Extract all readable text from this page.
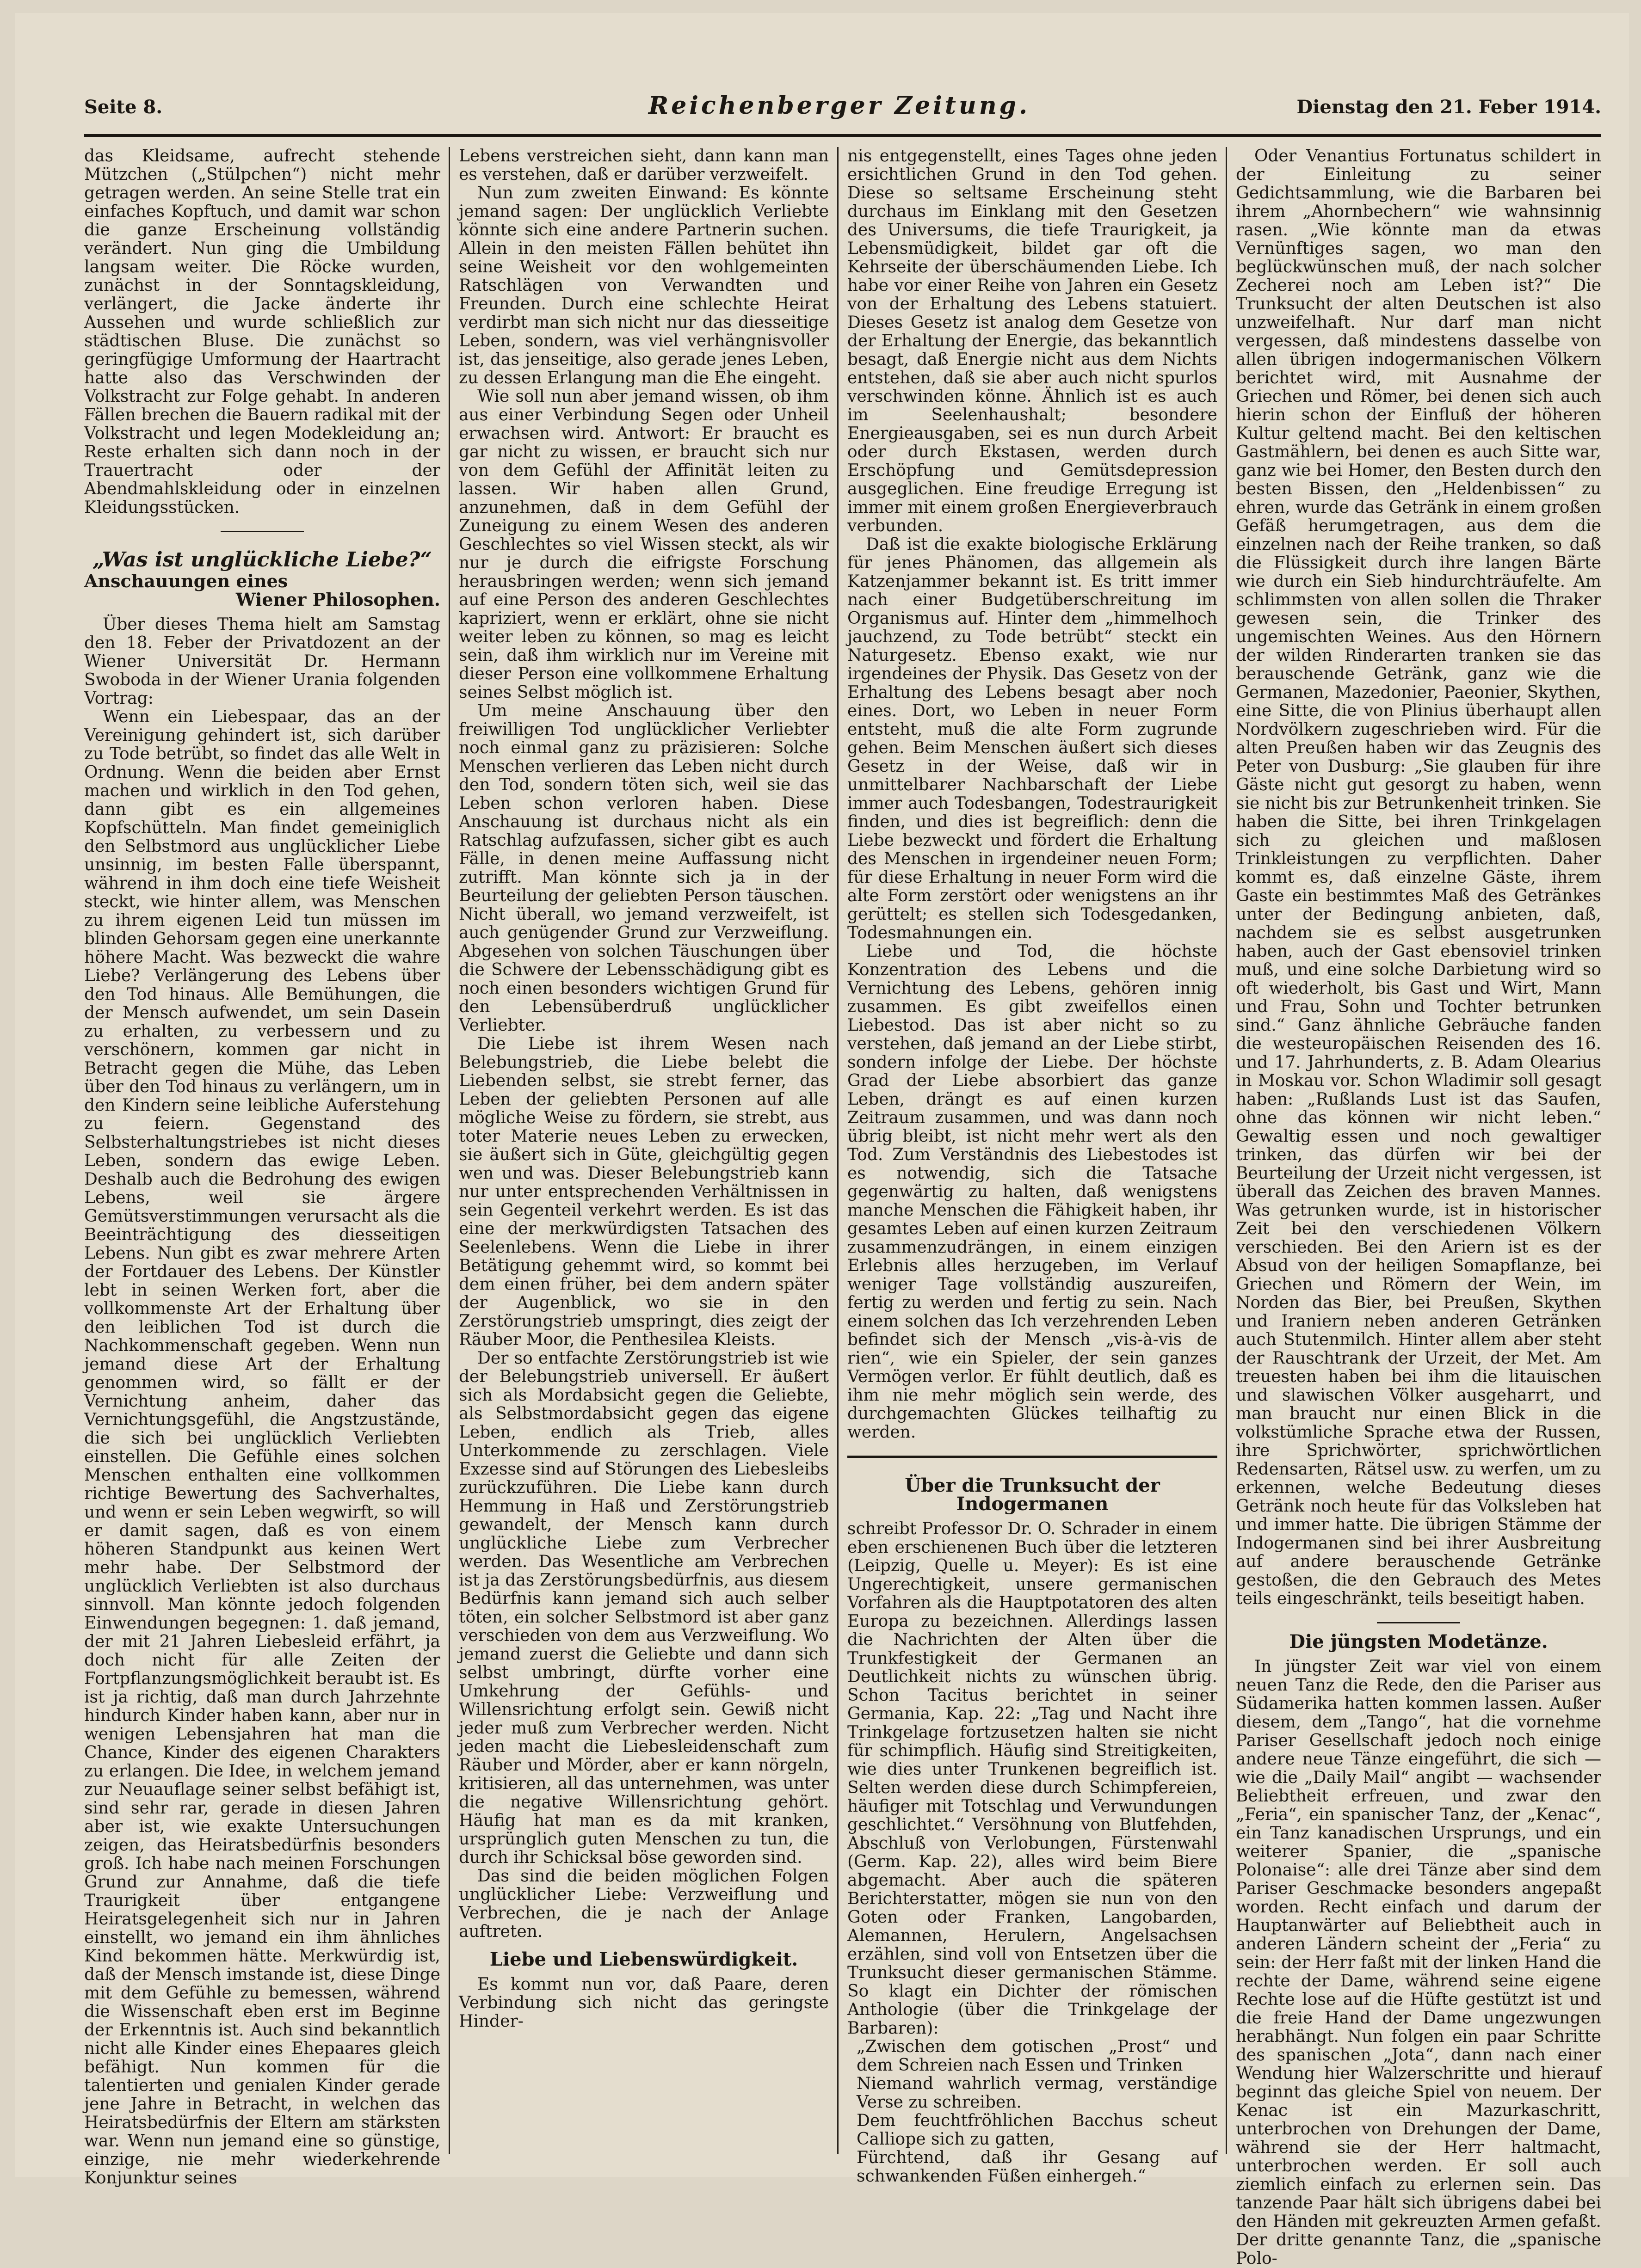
Seite 8.	Reichenberger Zeitung.	Dienstag den 21. Feber 1914.

das Kleidsame, aufrecht stehende Mützchen („Stülpchen“) nicht mehr getragen werden. An seine Stelle trat ein einfaches Kopftuch, und damit war schon die ganze Erscheinung vollständig verändert. Nun ging die Umbildung langsam weiter. Die Röcke wurden, zunächst in der Sonntagskleidung, verlängert, die Jacke änderte ihr Aussehen und wurde schließlich zur städtischen Bluse. Die zunächst so geringfügige Umformung der Haartracht hatte also das Verschwinden der Volkstracht zur Folge gehabt. In anderen Fällen brechen die Bauern radikal mit der Volkstracht und legen Modekleidung an; Reste erhalten sich dann noch in der Trauertracht oder der Abendmahlskleidung oder in einzelnen Kleidungsstücken.

„Was ist unglückliche Liebe?“

Anschauungen eines

Wiener Philosophen.

Über dieses Thema hielt am Samstag den 18. Feber der Privatdozent an der Wiener Universität Dr. Hermann Swoboda in der Wiener Urania folgenden Vortrag:

Wenn ein Liebespaar, das an der Vereinigung gehindert ist, sich darüber zu Tode betrübt, so findet das alle Welt in Ordnung. Wenn die beiden aber Ernst machen und wirklich in den Tod gehen, dann gibt es ein allgemeines Kopfschütteln. Man findet gemeiniglich den Selbstmord aus unglücklicher Liebe unsinnig, im besten Falle überspannt, während in ihm doch eine tiefe Weisheit steckt, wie hinter allem, was Menschen zu ihrem eigenen Leid tun müssen im blinden Gehorsam gegen eine unerkannte höhere Macht. Was bezweckt die wahre Liebe? Verlängerung des Lebens über den Tod hinaus. Alle Bemühungen, die der Mensch aufwendet, um sein Dasein zu erhalten, zu verbessern und zu verschönern, kommen gar nicht in Betracht gegen die Mühe, das Leben über den Tod hinaus zu verlängern, um in den Kindern seine leibliche Auferstehung zu feiern. Gegenstand des Selbsterhaltungstriebes ist nicht dieses Leben, sondern das ewige Leben. Deshalb auch die Bedrohung des ewigen Lebens, weil sie ärgere Gemütsverstimmungen verursacht als die Beeinträchtigung des diesseitigen Lebens. Nun gibt es zwar mehrere Arten der Fortdauer des Lebens. Der Künstler lebt in seinen Werken fort, aber die vollkommenste Art der Erhaltung über den leiblichen Tod ist durch die Nachkommenschaft gegeben. Wenn nun jemand diese Art der Erhaltung genommen wird, so fällt er der Vernichtung anheim, daher das Vernichtungsgefühl, die Angstzustände, die sich bei unglücklich Verliebten einstellen. Die Gefühle eines solchen Menschen enthalten eine vollkommen richtige Bewertung des Sachverhaltes, und wenn er sein Leben wegwirft, so will er damit sagen, daß es von einem höheren Standpunkt aus keinen Wert mehr habe. Der Selbstmord der unglücklich Verliebten ist also durchaus sinnvoll. Man könnte jedoch folgenden Einwendungen begegnen: 1. daß jemand, der mit 21 Jahren Liebesleid erfährt, ja doch nicht für alle Zeiten der Fortpflanzungsmöglichkeit beraubt ist. Es ist ja richtig, daß man durch Jahrzehnte hindurch Kinder haben kann, aber nur in wenigen Lebensjahren hat man die Chance, Kinder des eigenen Charakters zu erlangen. Die Idee, in welchem jemand zur Neuauflage seiner selbst befähigt ist, sind sehr rar, gerade in diesen Jahren aber ist, wie exakte Untersuchungen zeigen, das Heiratsbedürfnis besonders groß. Ich habe nach meinen Forschungen Grund zur Annahme, daß die tiefe Traurigkeit über entgangene Heiratsgelegenheit sich nur in Jahren einstellt, wo jemand ein ihm ähnliches Kind bekommen hätte. Merkwürdig ist, daß der Mensch imstande ist, diese Dinge mit dem Gefühle zu bemessen, während die Wissenschaft eben erst im Beginne der Erkenntnis ist. Auch sind bekanntlich nicht alle Kinder eines Ehepaares gleich befähigt. Nun kommen für die talentierten und genialen Kinder gerade jene Jahre in Betracht, in welchen das Heiratsbedürfnis der Eltern am stärksten war. Wenn nun jemand eine so günstige, einzige, nie mehr wiederkehrende Konjunktur seines

Lebens verstreichen sieht, dann kann man es verstehen, daß er darüber verzweifelt.

Nun zum zweiten Einwand: Es könnte jemand sagen: Der unglücklich Verliebte könnte sich eine andere Partnerin suchen. Allein in den meisten Fällen behütet ihn seine Weisheit vor den wohlgemeinten Ratschlägen von Verwandten und Freunden. Durch eine schlechte Heirat verdirbt man sich nicht nur das diesseitige Leben, sondern, was viel verhängnisvoller ist, das jenseitige, also gerade jenes Leben, zu dessen Erlangung man die Ehe eingeht.

Wie soll nun aber jemand wissen, ob ihm aus einer Verbindung Segen oder Unheil erwachsen wird. Antwort: Er braucht es gar nicht zu wissen, er braucht sich nur von dem Gefühl der Affinität leiten zu lassen. Wir haben allen Grund, anzunehmen, daß in dem Gefühl der Zuneigung zu einem Wesen des anderen Geschlechtes so viel Wissen steckt, als wir nur je durch die eifrigste Forschung herausbringen werden; wenn sich jemand auf eine Person des anderen Geschlechtes kapriziert, wenn er erklärt, ohne sie nicht weiter leben zu können, so mag es leicht sein, daß ihm wirklich nur im Vereine mit dieser Person eine vollkommene Erhaltung seines Selbst möglich ist.

Um meine Anschauung über den freiwilligen Tod unglücklicher Verliebter noch einmal ganz zu präzisieren: Solche Menschen verlieren das Leben nicht durch den Tod, sondern töten sich, weil sie das Leben schon verloren haben. Diese Anschauung ist durchaus nicht als ein Ratschlag aufzufassen, sicher gibt es auch Fälle, in denen meine Auffassung nicht zutrifft. Man könnte sich ja in der Beurteilung der geliebten Person täuschen. Nicht überall, wo jemand verzweifelt, ist auch genügender Grund zur Verzweiflung. Abgesehen von solchen Täuschungen über die Schwere der Lebensschädigung gibt es noch einen besonders wichtigen Grund für den Lebensüberdruß unglücklicher Verliebter.

Die Liebe ist ihrem Wesen nach Belebungstrieb, die Liebe belebt die Liebenden selbst, sie strebt ferner, das Leben der geliebten Personen auf alle mögliche Weise zu fördern, sie strebt, aus toter Materie neues Leben zu erwecken, sie äußert sich in Güte, gleichgültig gegen wen und was. Dieser Belebungstrieb kann nur unter entsprechenden Verhältnissen in sein Gegenteil verkehrt werden. Es ist das eine der merkwürdigsten Tatsachen des Seelenlebens. Wenn die Liebe in ihrer Betätigung gehemmt wird, so kommt bei dem einen früher, bei dem andern später der Augenblick, wo sie in den Zerstörungstrieb umspringt, dies zeigt der Räuber Moor, die Penthesilea Kleists.

Der so entfachte Zerstörungstrieb ist wie der Belebungstrieb universell. Er äußert sich als Mordabsicht gegen die Geliebte, als Selbstmordabsicht gegen das eigene Leben, endlich als Trieb, alles Unterkommende zu zerschlagen. Viele Exzesse sind auf Störungen des Liebesleibs zurückzuführen. Die Liebe kann durch Hemmung in Haß und Zerstörungstrieb gewandelt, der Mensch kann durch unglückliche Liebe zum Verbrecher werden. Das Wesentliche am Verbrechen ist ja das Zerstörungsbedürfnis, aus diesem Bedürfnis kann jemand sich auch selber töten, ein solcher Selbstmord ist aber ganz verschieden von dem aus Verzweiflung. Wo jemand zuerst die Geliebte und dann sich selbst umbringt, dürfte vorher eine Umkehrung der Gefühls- und Willensrichtung erfolgt sein. Gewiß nicht jeder muß zum Verbrecher werden. Nicht jeden macht die Liebesleidenschaft zum Räuber und Mörder, aber er kann nörgeln, kritisieren, all das unternehmen, was unter die negative Willensrichtung gehört. Häufig hat man es da mit kranken, ursprünglich guten Menschen zu tun, die durch ihr Schicksal böse geworden sind.

Das sind die beiden möglichen Folgen unglücklicher Liebe: Verzweiflung und Verbrechen, die je nach der Anlage auftreten.

Liebe und Liebenswürdigkeit.

Es kommt nun vor, daß Paare, deren Verbindung sich nicht das geringste Hinder-

nis entgegenstellt, eines Tages ohne jeden ersichtlichen Grund in den Tod gehen. Diese so seltsame Erscheinung steht durchaus im Einklang mit den Gesetzen des Universums, die tiefe Traurigkeit, ja Lebensmüdigkeit, bildet gar oft die Kehrseite der überschäumenden Liebe. Ich habe vor einer Reihe von Jahren ein Gesetz von der Erhaltung des Lebens statuiert. Dieses Gesetz ist analog dem Gesetze von der Erhaltung der Energie, das bekanntlich besagt, daß Energie nicht aus dem Nichts entstehen, daß sie aber auch nicht spurlos verschwinden könne. Ähnlich ist es auch im Seelenhaushalt; besondere Energieausgaben, sei es nun durch Arbeit oder durch Ekstasen, werden durch Erschöpfung und Gemütsdepression ausgeglichen. Eine freudige Erregung ist immer mit einem großen Energieverbrauch verbunden.

Daß ist die exakte biologische Erklärung für jenes Phänomen, das allgemein als Katzenjammer bekannt ist. Es tritt immer nach einer Budgetüberschreitung im Organismus auf. Hinter dem „himmelhoch jauchzend, zu Tode betrübt“ steckt ein Naturgesetz. Ebenso exakt, wie nur irgendeines der Physik. Das Gesetz von der Erhaltung des Lebens besagt aber noch eines. Dort, wo Leben in neuer Form entsteht, muß die alte Form zugrunde gehen. Beim Menschen äußert sich dieses Gesetz in der Weise, daß wir in unmittelbarer Nachbarschaft der Liebe immer auch Todesbangen, Todestraurigkeit finden, und dies ist begreiflich: denn die Liebe bezweckt und fördert die Erhaltung des Menschen in irgendeiner neuen Form; für diese Erhaltung in neuer Form wird die alte Form zerstört oder wenigstens an ihr gerüttelt; es stellen sich Todesgedanken, Todesmahnungen ein.

Liebe und Tod, die höchste Konzentration des Lebens und die Vernichtung des Lebens, gehören innig zusammen. Es gibt zweifellos einen Liebestod. Das ist aber nicht so zu verstehen, daß jemand an der Liebe stirbt, sondern infolge der Liebe. Der höchste Grad der Liebe absorbiert das ganze Leben, drängt es auf einen kurzen Zeitraum zusammen, und was dann noch übrig bleibt, ist nicht mehr wert als den Tod. Zum Verständnis des Liebestodes ist es notwendig, sich die Tatsache gegenwärtig zu halten, daß wenigstens manche Menschen die Fähigkeit haben, ihr gesamtes Leben auf einen kurzen Zeitraum zusammenzudrängen, in einem einzigen Erlebnis alles herzugeben, im Verlauf weniger Tage vollständig auszureifen, fertig zu werden und fertig zu sein. Nach einem solchen das Ich verzehrenden Leben befindet sich der Mensch „vis-à-vis de rien“, wie ein Spieler, der sein ganzes Vermögen verlor. Er fühlt deutlich, daß es ihm nie mehr möglich sein werde, des durchgemachten Glückes teilhaftig zu werden.

Über die Trunksucht der Indogermanen

schreibt Professor Dr. O. Schrader in einem eben erschienenen Buch über die letzteren (Leipzig, Quelle u. Meyer): Es ist eine Ungerechtigkeit, unsere germanischen Vorfahren als die Hauptpotatoren des alten Europa zu bezeichnen. Allerdings lassen die Nachrichten der Alten über die Trunkfestigkeit der Germanen an Deutlichkeit nichts zu wünschen übrig. Schon Tacitus berichtet in seiner Germania, Kap. 22: „Tag und Nacht ihre Trinkgelage fortzusetzen halten sie nicht für schimpflich. Häufig sind Streitigkeiten, wie dies unter Trunkenen begreiflich ist. Selten werden diese durch Schimpfereien, häufiger mit Totschlag und Verwundungen geschlichtet.“ Versöhnung von Blutfehden, Abschluß von Verlobungen, Fürstenwahl (Germ. Kap. 22), alles wird beim Biere abgemacht. Aber auch die späteren Berichterstatter, mögen sie nun von den Goten oder Franken, Langobarden, Alemannen, Herulern, Angelsachsen erzählen, sind voll von Entsetzen über die Trunksucht dieser germanischen Stämme. So klagt ein Dichter der römischen Anthologie (über die Trinkgelage der Barbaren):

„Zwischen dem gotischen „Prost“ und dem Schreien nach Essen und Trinken

Niemand wahrlich vermag, verständige Verse zu schreiben.

Dem feuchtfröhlichen Bacchus scheut Calliope sich zu gatten,

Fürchtend, daß ihr Gesang auf schwankenden Füßen einhergeh.“

Oder Venantius Fortunatus schildert in der Einleitung zu seiner Gedichtsammlung, wie die Barbaren bei ihrem „Ahornbechern“ wie wahnsinnig rasen. „Wie könnte man da etwas Vernünftiges sagen, wo man den beglückwünschen muß, der nach solcher Zecherei noch am Leben ist?“ Die Trunksucht der alten Deutschen ist also unzweifelhaft. Nur darf man nicht vergessen, daß mindestens dasselbe von allen übrigen indogermanischen Völkern berichtet wird, mit Ausnahme der Griechen und Römer, bei denen sich auch hierin schon der Einfluß der höheren Kultur geltend macht. Bei den keltischen Gastmählern, bei denen es auch Sitte war, ganz wie bei Homer, den Besten durch den besten Bissen, den „Heldenbissen“ zu ehren, wurde das Getränk in einem großen Gefäß herumgetragen, aus dem die einzelnen nach der Reihe tranken, so daß die Flüssigkeit durch ihre langen Bärte wie durch ein Sieb hindurchträufelte. Am schlimmsten von allen sollen die Thraker gewesen sein, die Trinker des ungemischten Weines. Aus den Hörnern der wilden Rinderarten tranken sie das berauschende Getränk, ganz wie die Germanen, Mazedonier, Paeonier, Skythen, eine Sitte, die von Plinius überhaupt allen Nordvölkern zugeschrieben wird. Für die alten Preußen haben wir das Zeugnis des Peter von Dusburg: „Sie glauben für ihre Gäste nicht gut gesorgt zu haben, wenn sie nicht bis zur Betrunkenheit trinken. Sie haben die Sitte, bei ihren Trinkgelagen sich zu gleichen und maßlosen Trinkleistungen zu verpflichten. Daher kommt es, daß einzelne Gäste, ihrem Gaste ein bestimmtes Maß des Getränkes unter der Bedingung anbieten, daß, nachdem sie es selbst ausgetrunken haben, auch der Gast ebensoviel trinken muß, und eine solche Darbietung wird so oft wiederholt, bis Gast und Wirt, Mann und Frau, Sohn und Tochter betrunken sind.“ Ganz ähnliche Gebräuche fanden die westeuropäischen Reisenden des 16. und 17. Jahrhunderts, z. B. Adam Olearius in Moskau vor. Schon Wladimir soll gesagt haben: „Rußlands Lust ist das Saufen, ohne das können wir nicht leben.“ Gewaltig essen und noch gewaltiger trinken, das dürfen wir bei der Beurteilung der Urzeit nicht vergessen, ist überall das Zeichen des braven Mannes. Was getrunken wurde, ist in historischer Zeit bei den verschiedenen Völkern verschieden. Bei den Ariern ist es der Absud von der heiligen Somapflanze, bei Griechen und Römern der Wein, im Norden das Bier, bei Preußen, Skythen und Iraniern neben anderen Getränken auch Stutenmilch. Hinter allem aber steht der Rauschtrank der Urzeit, der Met. Am treuesten haben bei ihm die litauischen und slawischen Völker ausgeharrt, und man braucht nur einen Blick in die volkstümliche Sprache etwa der Russen, ihre Sprichwörter, sprichwörtlichen Redensarten, Rätsel usw. zu werfen, um zu erkennen, welche Bedeutung dieses Getränk noch heute für das Volksleben hat und immer hatte. Die übrigen Stämme der Indogermanen sind bei ihrer Ausbreitung auf andere berauschende Getränke gestoßen, die den Gebrauch des Metes teils eingeschränkt, teils beseitigt haben.

Die jüngsten Modetänze.

In jüngster Zeit war viel von einem neuen Tanz die Rede, den die Pariser aus Südamerika hatten kommen lassen. Außer diesem, dem „Tango“, hat die vornehme Pariser Gesellschaft jedoch noch einige andere neue Tänze eingeführt, die sich — wie die „Daily Mail“ angibt — wachsender Beliebtheit erfreuen, und zwar den „Feria“, ein spanischer Tanz, der „Kenac“, ein Tanz kanadischen Ursprungs, und ein weiterer Spanier, die „spanische Polonaise“: alle drei Tänze aber sind dem Pariser Geschmacke besonders angepaßt worden. Recht einfach und darum der Hauptanwärter auf Beliebtheit auch in anderen Ländern scheint der „Feria“ zu sein: der Herr faßt mit der linken Hand die rechte der Dame, während seine eigene Rechte lose auf die Hüfte gestützt ist und die freie Hand der Dame ungezwungen herabhängt. Nun folgen ein paar Schritte des spanischen „Jota“, dann nach einer Wendung hier Walzerschritte und hierauf beginnt das gleiche Spiel von neuem. Der Kenac ist ein Mazurkaschritt, unterbrochen von Drehungen der Dame, während sie der Herr haltmacht, unterbrochen werden. Er soll auch ziemlich einfach zu erlernen sein. Das tanzende Paar hält sich übrigens dabei bei den Händen mit gekreuzten Armen gefaßt. Der dritte genannte Tanz, die „spanische Polo-
